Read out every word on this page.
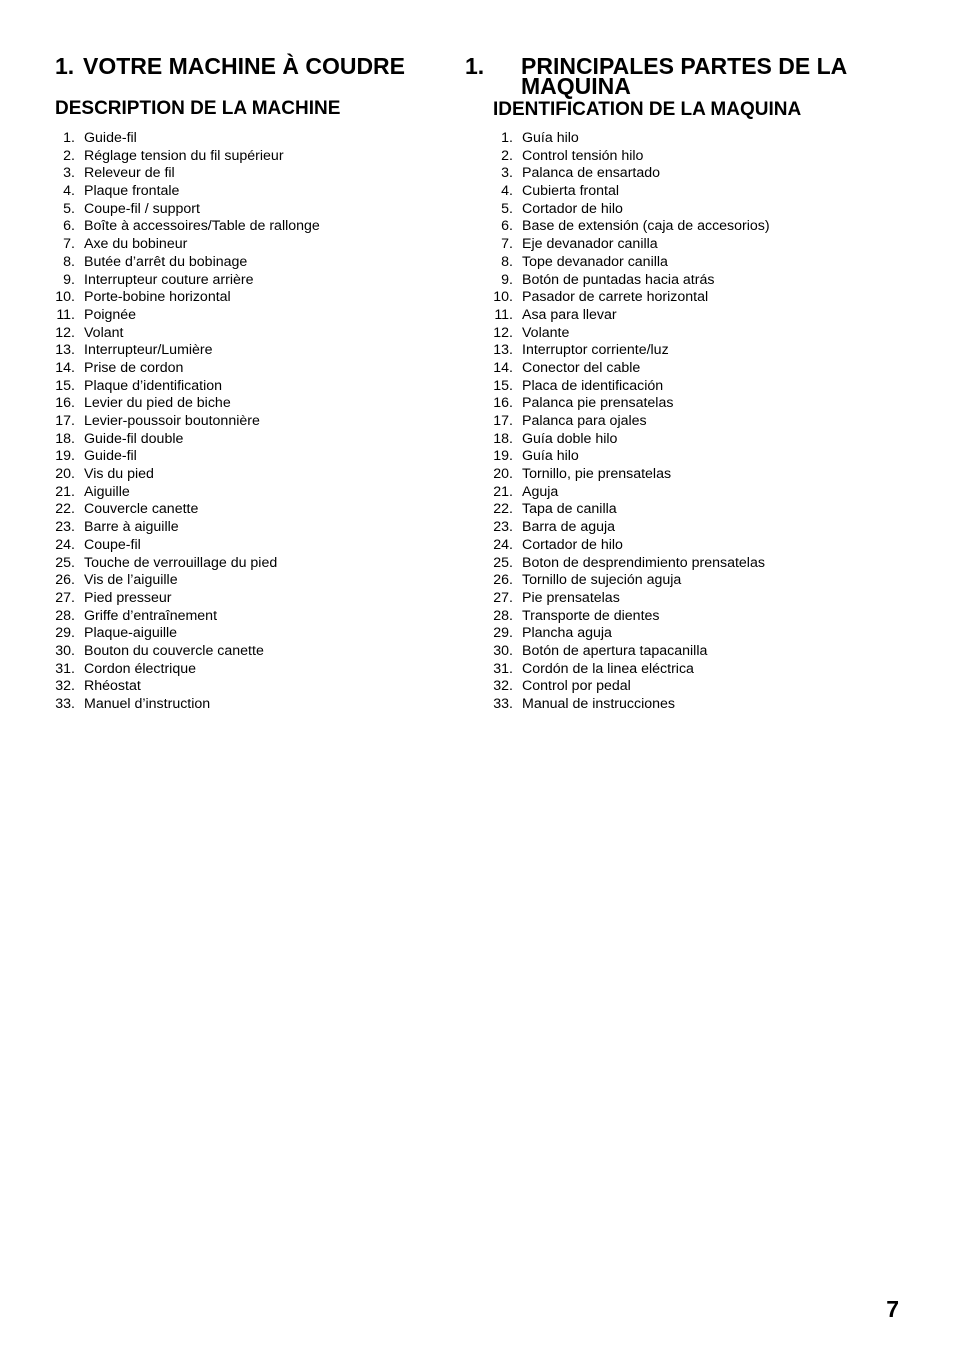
1. VOTRE MACHINE À COUDRE
DESCRIPTION DE LA MACHINE
1. Guide-fil
2. Réglage tension du fil supérieur
3. Releveur de fil
4. Plaque frontale
5. Coupe-fil / support
6. Boîte à accessoires/Table de rallonge
7. Axe du bobineur
8. Butée d’arrêt du bobinage
9. Interrupteur couture arrière
10. Porte-bobine horizontal
11. Poignée
12. Volant
13. Interrupteur/Lumière
14. Prise de cordon
15. Plaque d’identification
16. Levier du pied de biche
17. Levier-poussoir boutonnière
18. Guide-fil double
19. Guide-fil
20. Vis du pied
21. Aiguille
22. Couvercle canette
23. Barre à aiguille
24. Coupe-fil
25. Touche de verrouillage du pied
26. Vis de l’aiguille
27. Pied presseur
28. Griffe d’entraînement
29. Plaque-aiguille
30. Bouton du couvercle canette
31. Cordon électrique
32. Rhéostat
33. Manuel d’instruction
1. PRINCIPALES PARTES DE LA MAQUINA
IDENTIFICATION DE LA MAQUINA
1. Guía hilo
2. Control tensión hilo
3. Palanca de ensartado
4. Cubierta frontal
5. Cortador de hilo
6. Base de extensión (caja de accesorios)
7. Eje devanador canilla
8. Tope devanador canilla
9. Botón de puntadas hacia atrás
10. Pasador de carrete horizontal
11. Asa para llevar
12. Volante
13. Interruptor corriente/luz
14. Conector del cable
15. Placa de identificación
16. Palanca pie prensatelas
17. Palanca para ojales
18. Guía doble hilo
19. Guía hilo
20. Tornillo, pie prensatelas
21. Aguja
22. Tapa de canilla
23. Barra de aguja
24. Cortador de hilo
25. Boton de desprendimiento prensatelas
26. Tornillo de sujeción aguja
27. Pie prensatelas
28. Transporte de dientes
29. Plancha aguja
30. Botón de apertura tapacanilla
31. Cordón de la linea eléctrica
32. Control por pedal
33. Manual de instrucciones
7
